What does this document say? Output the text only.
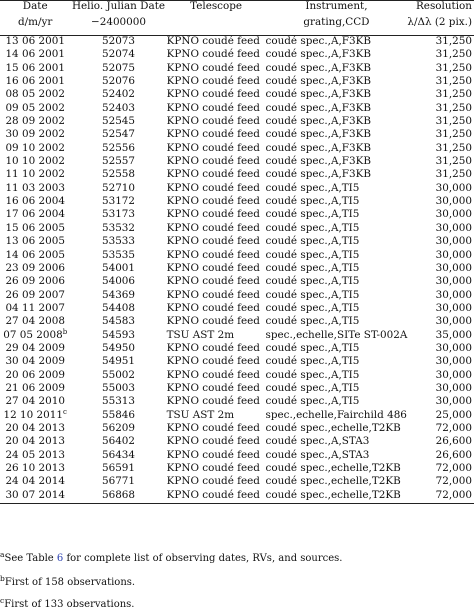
Date	Helio. Julian Date	Telescope	Instrument,	Resolution
d/m/yr	−2400000		grating,CCD	λ/Δλ (2 pix.)
13 06 2001	52073	KPNO coudé feed	coudé spec.,A,F3KB	31,250
14 06 2001	52074	KPNO coudé feed	coudé spec.,A,F3KB	31,250
15 06 2001	52075	KPNO coudé feed	coudé spec.,A,F3KB	31,250
16 06 2001	52076	KPNO coudé feed	coudé spec.,A,F3KB	31,250
08 05 2002	52402	KPNO coudé feed	coudé spec.,A,F3KB	31,250
09 05 2002	52403	KPNO coudé feed	coudé spec.,A,F3KB	31,250
28 09 2002	52545	KPNO coudé feed	coudé spec.,A,F3KB	31,250
30 09 2002	52547	KPNO coudé feed	coudé spec.,A,F3KB	31,250
09 10 2002	52556	KPNO coudé feed	coudé spec.,A,F3KB	31,250
10 10 2002	52557	KPNO coudé feed	coudé spec.,A,F3KB	31,250
11 10 2002	52558	KPNO coudé feed	coudé spec.,A,F3KB	31,250
11 03 2003	52710	KPNO coudé feed	coudé spec.,A,TI5	30,000
16 06 2004	53172	KPNO coudé feed	coudé spec.,A,TI5	30,000
17 06 2004	53173	KPNO coudé feed	coudé spec.,A,TI5	30,000
15 06 2005	53532	KPNO coudé feed	coudé spec.,A,TI5	30,000
13 06 2005	53533	KPNO coudé feed	coudé spec.,A,TI5	30,000
14 06 2005	53535	KPNO coudé feed	coudé spec.,A,TI5	30,000
23 09 2006	54001	KPNO coudé feed	coudé spec.,A,TI5	30,000
26 09 2006	54006	KPNO coudé feed	coudé spec.,A,TI5	30,000
26 09 2007	54369	KPNO coudé feed	coudé spec.,A,TI5	30,000
04 11 2007	54408	KPNO coudé feed	coudé spec.,A,TI5	30,000
27 04 2008	54583	KPNO coudé feed	coudé spec.,A,TI5	30,000
07 05 2008$^b$	54593	TSU AST 2m	spec.,echelle,SITe ST-002A	35,000
29 04 2009	54950	KPNO coudé feed	coudé spec.,A,TI5	30,000
30 04 2009	54951	KPNO coudé feed	coudé spec.,A,TI5	30,000
20 06 2009	55002	KPNO coudé feed	coudé spec.,A,TI5	30,000
21 06 2009	55003	KPNO coudé feed	coudé spec.,A,TI5	30,000
27 04 2010	55313	KPNO coudé feed	coudé spec.,A,TI5	30,000
12 10 2011$^c$	55846	TSU AST 2m	spec.,echelle,Fairchild 486	25,000
20 04 2013	56209	KPNO coudé feed	coudé spec.,echelle,T2KB	72,000
20 04 2013	56402	KPNO coudé feed	coudé spec.,A,STA3	26,600
24 05 2013	56434	KPNO coudé feed	coudé spec.,A,STA3	26,600
26 10 2013	56591	KPNO coudé feed	coudé spec.,echelle,T2KB	72,000
24 04 2014	56771	KPNO coudé feed	coudé spec.,echelle,T2KB	72,000
30 07 2014	56868	KPNO coudé feed	coudé spec.,echelle,T2KB	72,000
$^a$See Table 6 for complete list of observing dates, RVs, and sources.
$^b$First of 158 observations.
$^c$First of 133 observations.
